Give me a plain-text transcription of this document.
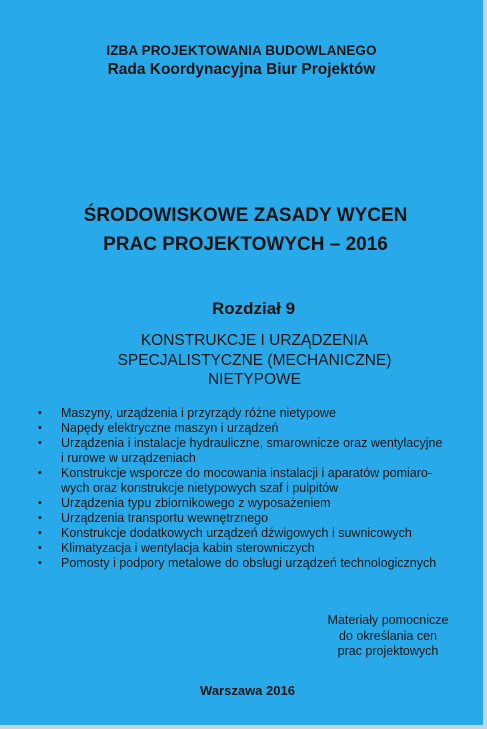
IZBA PROJEKTOWANIA BUDOWLANEGO
Rada Koordynacyjna Biur Projektów
ŚRODOWISKOWE ZASADY WYCEN
PRAC PROJEKTOWYCH – 2016
Rozdział 9
KONSTRUKCJE I URZĄDZENIA
SPECJALISTYCZNE (MECHANICZNE)
NIETYPOWE
• Maszyny, urządzenia i przyrządy różne nietypowe
• Napędy elektryczne maszyn i urządzeń
• Urządzenia i instalacje hydrauliczne, smarownicze oraz wentylacyjne
i rurowe w urządzeniach
• Konstrukcje wsporcze do mocowania instalacji i aparatów pomiaro-
wych oraz konstrukcje nietypowych szaf i pulpitów
• Urządzenia typu zbiornikowego z wyposażeniem
• Urządzenia transportu wewnętrznego
• Konstrukcje dodatkowych urządzeń dźwigowych i suwnicowych
• Klimatyzacja i wentylacja kabin sterowniczych
• Pomosty i podpory metalowe do obsługi urządzeń technologicznych
Materiały pomocnicze
do określania cen
prac projektowych
Warszawa 2016
